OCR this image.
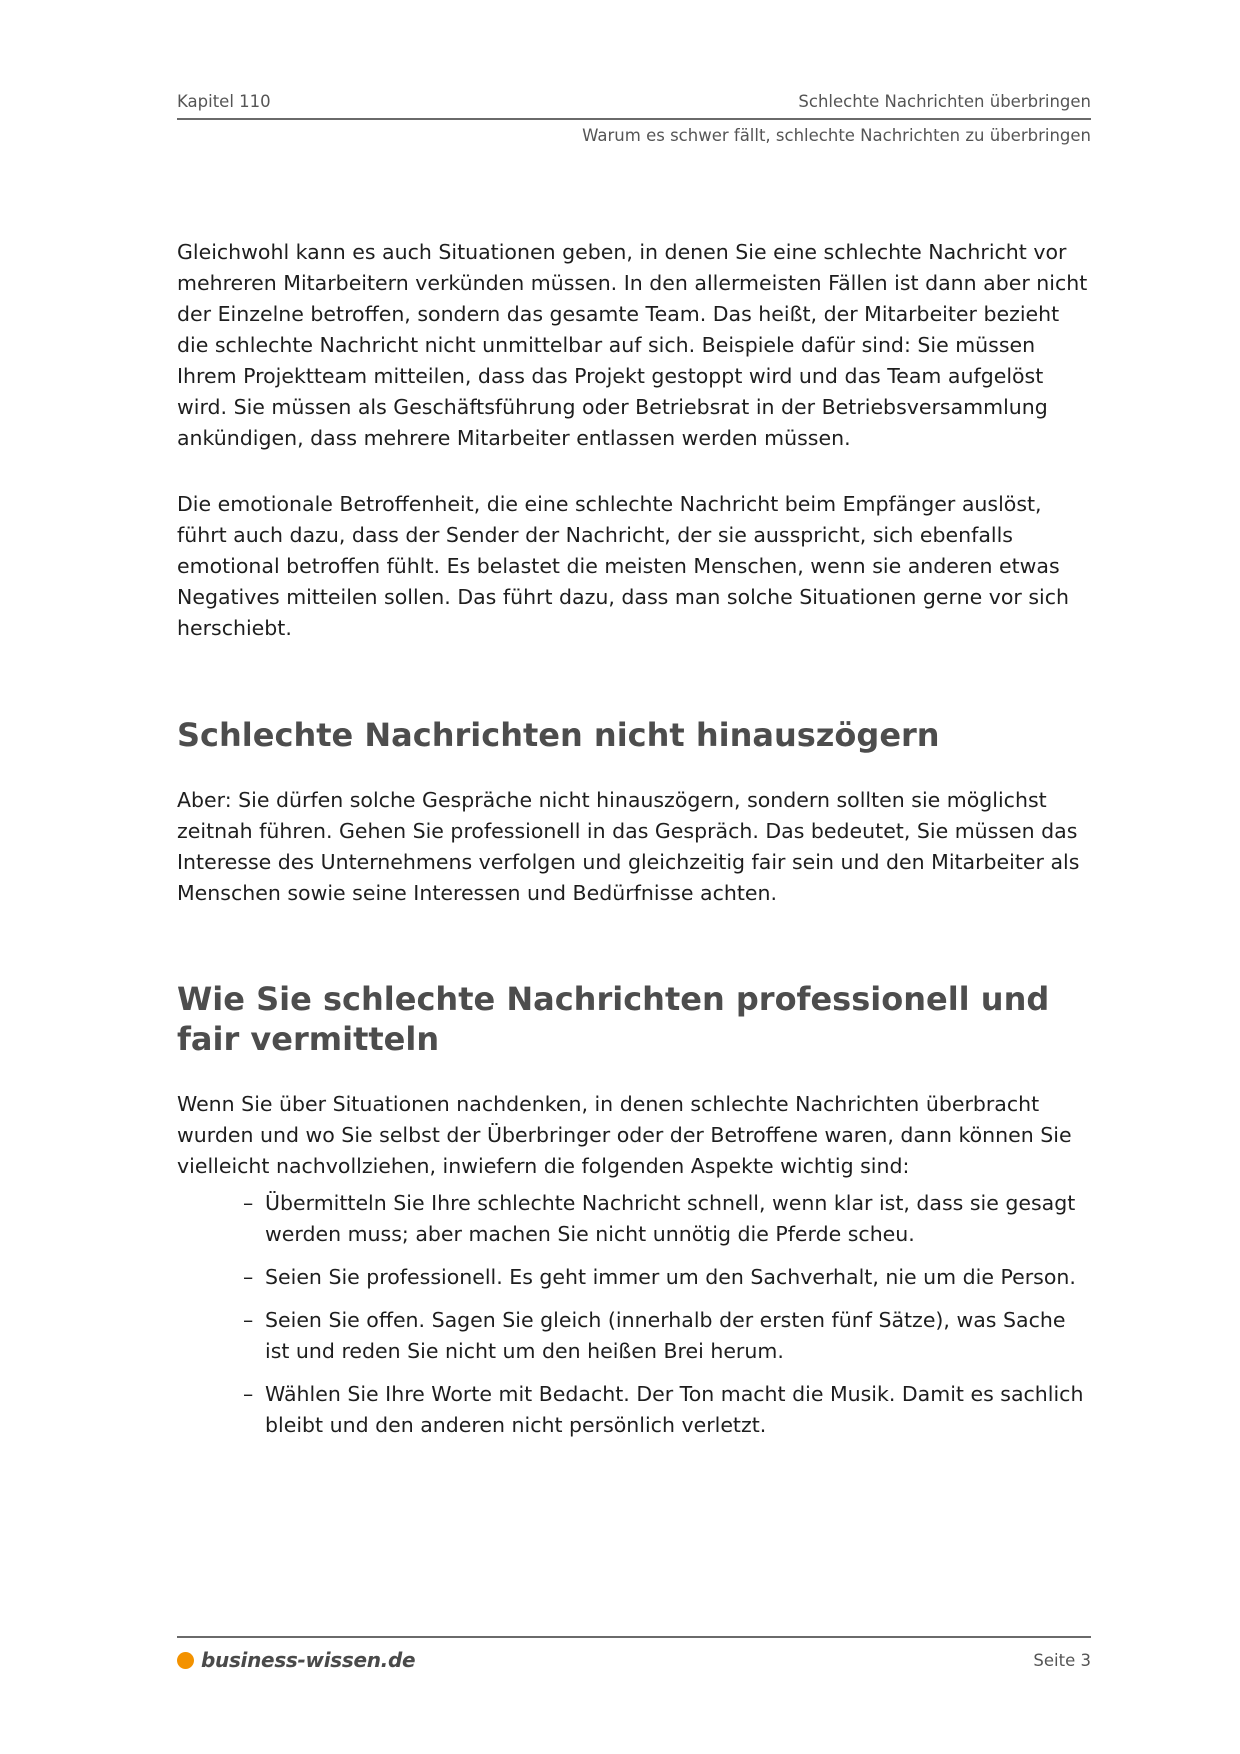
Kapitel 110	Schlechte Nachrichten überbringen
Warum es schwer fällt, schlechte Nachrichten zu überbringen

Gleichwohl kann es auch Situationen geben, in denen Sie eine schlechte Nachricht vor mehreren Mitarbeitern verkünden müssen. In den allermeisten Fällen ist dann aber nicht der Einzelne betroffen, sondern das gesamte Team. Das heißt, der Mitarbeiter bezieht die schlechte Nachricht nicht unmittelbar auf sich. Beispiele dafür sind: Sie müssen Ihrem Projektteam mitteilen, dass das Projekt gestoppt wird und das Team aufgelöst wird. Sie müssen als Geschäftsführung oder Betriebsrat in der Betriebsversammlung ankündigen, dass mehrere Mitarbeiter entlassen werden müssen.

Die emotionale Betroffenheit, die eine schlechte Nachricht beim Empfänger auslöst, führt auch dazu, dass der Sender der Nachricht, der sie ausspricht, sich ebenfalls emotional betroffen fühlt. Es belastet die meisten Menschen, wenn sie anderen etwas Negatives mitteilen sollen. Das führt dazu, dass man solche Situationen gerne vor sich herschiebt.

Schlechte Nachrichten nicht hinauszögern

Aber: Sie dürfen solche Gespräche nicht hinauszögern, sondern sollten sie möglichst zeitnah führen. Gehen Sie professionell in das Gespräch. Das bedeutet, Sie müssen das Interesse des Unternehmens verfolgen und gleichzeitig fair sein und den Mitarbeiter als Menschen sowie seine Interessen und Bedürfnisse achten.

Wie Sie schlechte Nachrichten professionell und fair vermitteln

Wenn Sie über Situationen nachdenken, in denen schlechte Nachrichten überbracht wurden und wo Sie selbst der Überbringer oder der Betroffene waren, dann können Sie vielleicht nachvollziehen, inwiefern die folgenden Aspekte wichtig sind:

– Übermitteln Sie Ihre schlechte Nachricht schnell, wenn klar ist, dass sie gesagt werden muss; aber machen Sie nicht unnötig die Pferde scheu.
– Seien Sie professionell. Es geht immer um den Sachverhalt, nie um die Person.
– Seien Sie offen. Sagen Sie gleich (innerhalb der ersten fünf Sätze), was Sache ist und reden Sie nicht um den heißen Brei herum.
– Wählen Sie Ihre Worte mit Bedacht. Der Ton macht die Musik. Damit es sachlich bleibt und den anderen nicht persönlich verletzt.
business-wissen.de	Seite 3
